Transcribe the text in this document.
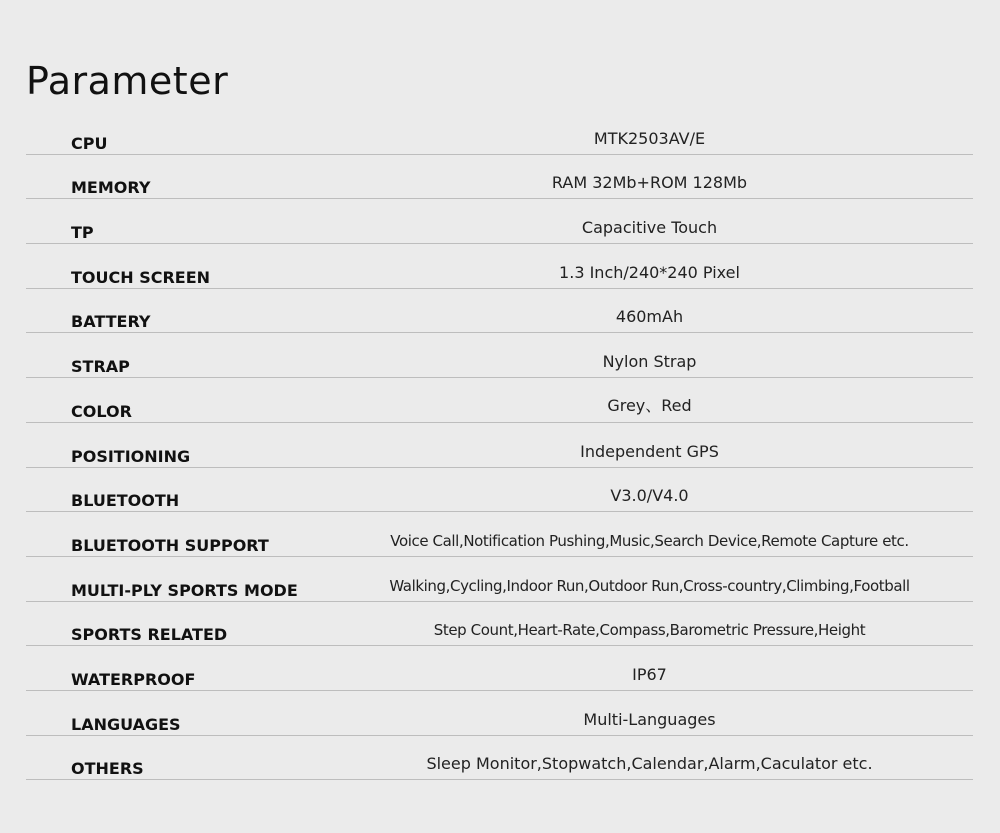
Parameter
CPU	MTK2503AV/E
MEMORY	RAM 32Mb+ROM 128Mb
TP	Capacitive Touch
TOUCH SCREEN	1.3 Inch/240*240 Pixel
BATTERY	460mAh
STRAP	Nylon Strap
COLOR	Grey、Red
POSITIONING	Independent GPS
BLUETOOTH	V3.0/V4.0
BLUETOOTH SUPPORT	Voice Call,Notification Pushing,Music,Search Device,Remote Capture etc.
MULTI-PLY SPORTS MODE	Walking,Cycling,Indoor Run,Outdoor Run,Cross-country,Climbing,Football
SPORTS RELATED	Step Count,Heart-Rate,Compass,Barometric Pressure,Height
WATERPROOF	IP67
LANGUAGES	Multi-Languages
OTHERS	Sleep Monitor,Stopwatch,Calendar,Alarm,Caculator etc.
